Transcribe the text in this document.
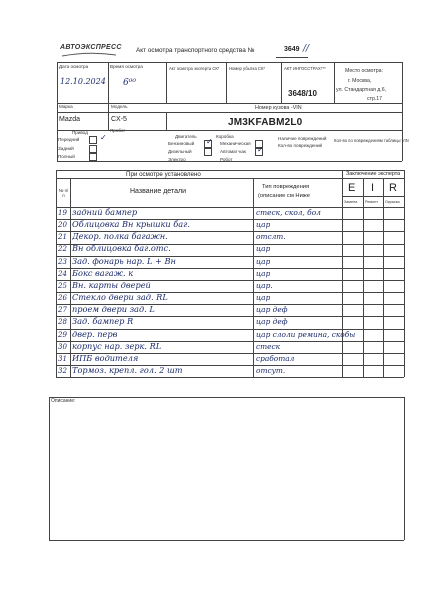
АВТОЭКСПРЕСС Акт осмотра транспортного средства №	3649 //
Дата осмотра
12.10.2024
Время осмотра
6⁰⁰
Акт осмотра эксперта СК* Номер убытка СК*	АКТ ИНГОССТРАХ***
3648/10
Место осмотра:
г. Москва,
ул. Стандартная д.6,
стр.17
Марка
Mazda
Модель
CX-5
Номер кузова -VIN
JM3KFABM2L0
Привод	Пробег
Передний
Задний
Полный
✓	Двигатель
Бензиновый
Дизельный
Электро
✓
Коробка
Механическая
Автомат-как
Робот
✓
Наличие повреждений
Кол-во повреждений
Кол-во по повреждениям таблицы VIN
При осмотре установлено	Заключение эксперта
№ п/п
Название детали
Тип повреждения
(описание см Ниже
E I R
Замена Ремонт Окраска
19 задний бампер	стеск, скол, бол
20 Облицовка Вн крышки баг.	цар
21 Декор. полка багажн.	отслт.
22 Вн облицовка баг.отс.	цар
23 Зад. фонарь нар. L + Вн	цар
24 Бокс вагаж. к	цар
25 Вн. карты дверей	цар.
26 Стекло двери зад. RL	цар
27 проем двери зад. L	цар деф
28 Зад. бампер R	цар деф
29 двер. перв	цар слоли ремина, скобы
30 корпус нар. зерк. RL	стеск
31 ИПБ водителя	сработал
32 Тормоз. крепл. гол. 2 шт	отсут.
Описание:
